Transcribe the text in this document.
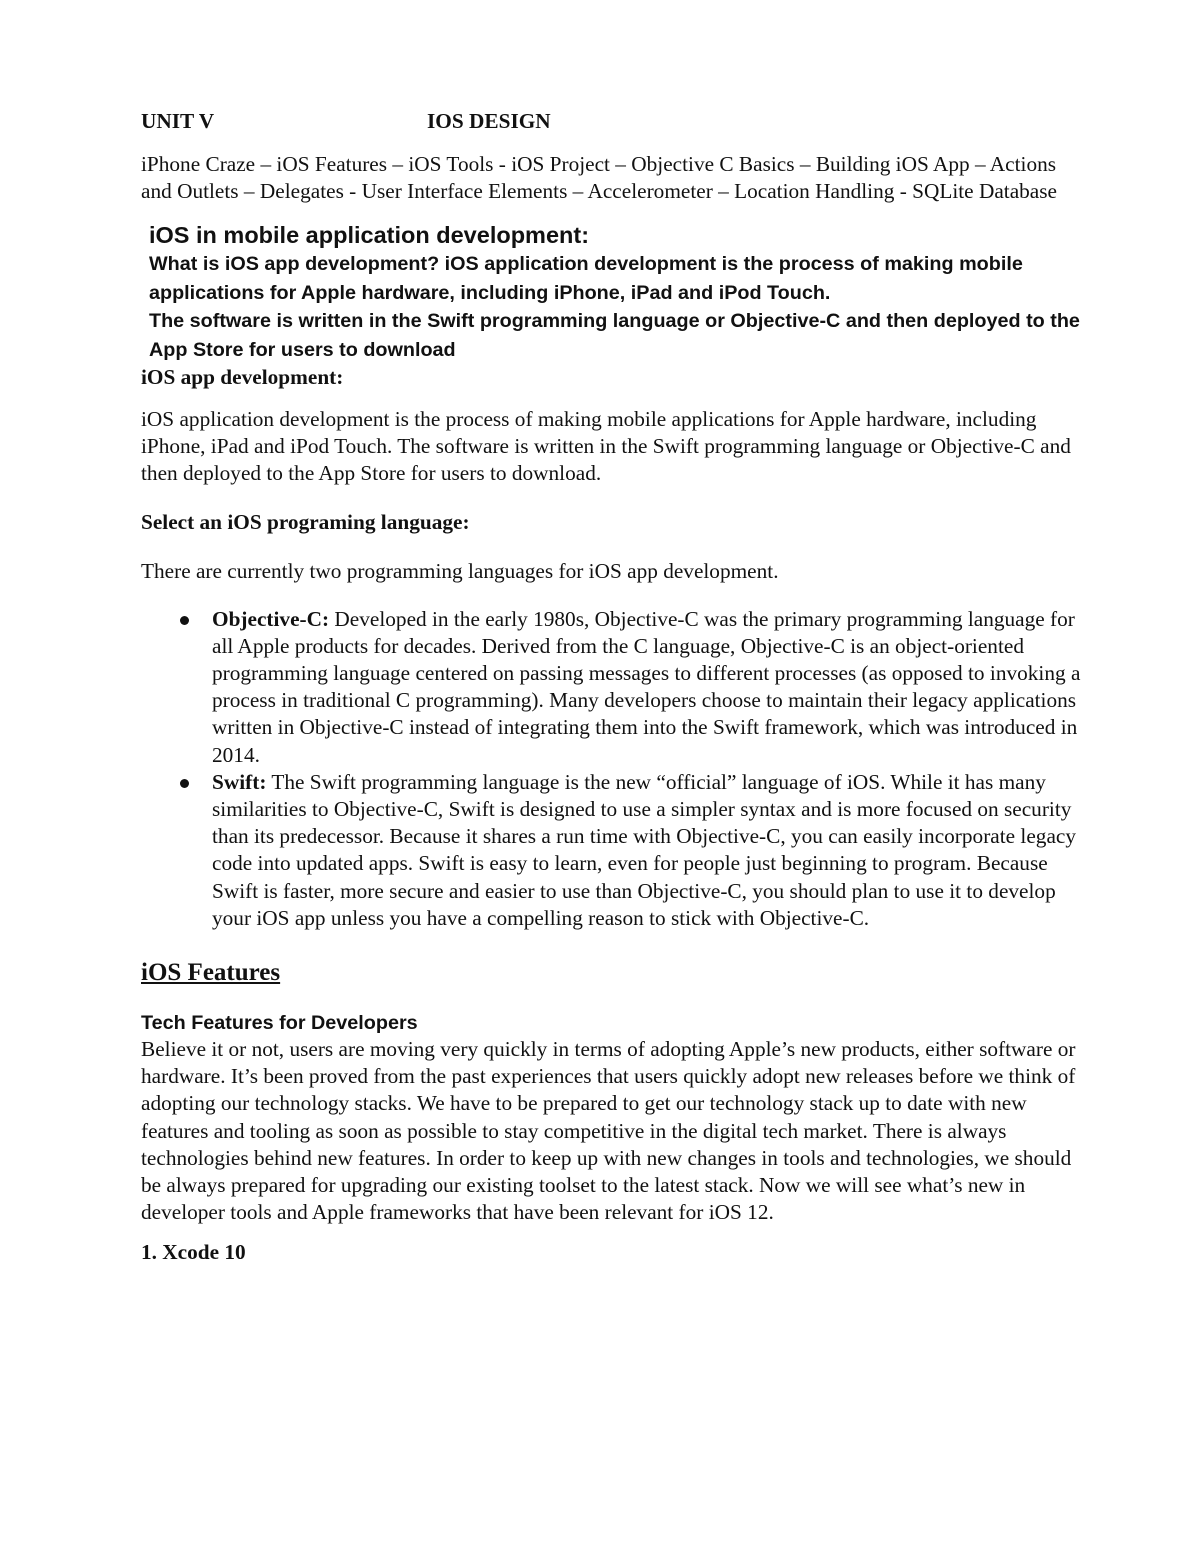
UNIT V	IOS DESIGN
iPhone Craze – iOS Features – iOS Tools - iOS Project – Objective C Basics – Building iOS App – Actions and Outlets – Delegates - User Interface Elements – Accelerometer – Location Handling - SQLite Database
iOS in mobile application development:
What is iOS app development? iOS application development is the process of making mobile applications for Apple hardware, including iPhone, iPad and iPod Touch.
The software is written in the Swift programming language or Objective-C and then deployed to the App Store for users to download
iOS app development:
iOS application development is the process of making mobile applications for Apple hardware, including iPhone, iPad and iPod Touch. The software is written in the Swift programming language or Objective-C and then deployed to the App Store for users to download.
Select an iOS programing language:
There are currently two programming languages for iOS app development.
Objective-C: Developed in the early 1980s, Objective-C was the primary programming language for all Apple products for decades. Derived from the C language, Objective-C is an object-oriented programming language centered on passing messages to different processes (as opposed to invoking a process in traditional C programming). Many developers choose to maintain their legacy applications written in Objective-C instead of integrating them into the Swift framework, which was introduced in 2014.
Swift: The Swift programming language is the new “official” language of iOS. While it has many similarities to Objective-C, Swift is designed to use a simpler syntax and is more focused on security than its predecessor. Because it shares a run time with Objective-C, you can easily incorporate legacy code into updated apps. Swift is easy to learn, even for people just beginning to program. Because Swift is faster, more secure and easier to use than Objective-C, you should plan to use it to develop your iOS app unless you have a compelling reason to stick with Objective-C.
iOS Features
Tech Features for Developers
Believe it or not, users are moving very quickly in terms of adopting Apple’s new products, either software or hardware. It’s been proved from the past experiences that users quickly adopt new releases before we think of adopting our technology stacks. We have to be prepared to get our technology stack up to date with new features and tooling as soon as possible to stay competitive in the digital tech market. There is always technologies behind new features. In order to keep up with new changes in tools and technologies, we should be always prepared for upgrading our existing toolset to the latest stack. Now we will see what’s new in developer tools and Apple frameworks that have been relevant for iOS 12.
1. Xcode 10
